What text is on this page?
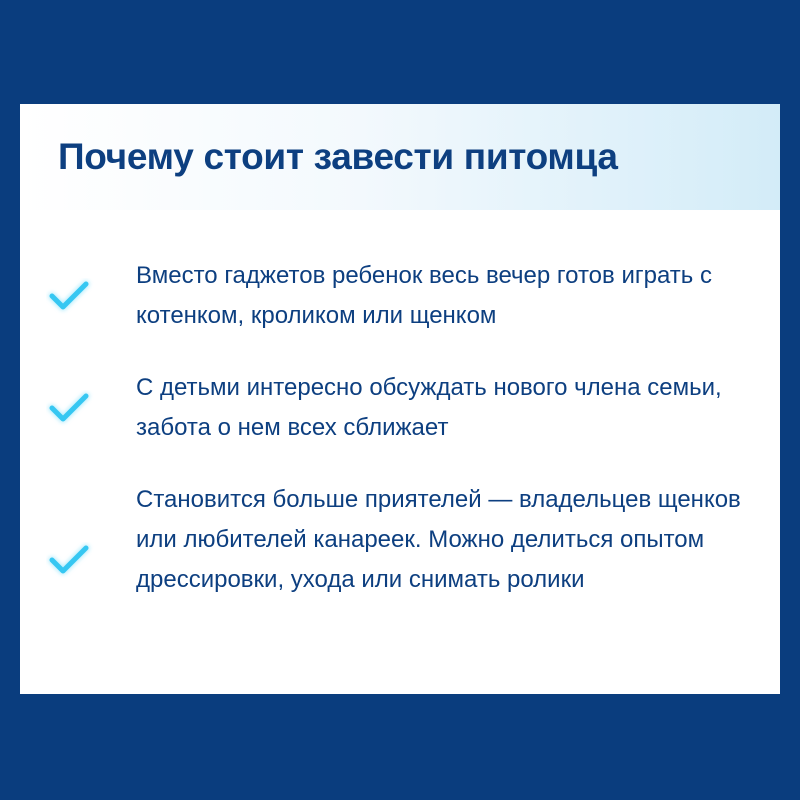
Почему стоит завести питомца

Вместо гаджетов ребенок весь вечер готов играть с котенком, кроликом или щенком

С детьми интересно обсуждать нового члена семьи, забота о нем всех сближает

Становится больше приятелей — владельцев щенков или любителей канареек. Можно делиться опытом дрессировки, ухода или снимать ролики
